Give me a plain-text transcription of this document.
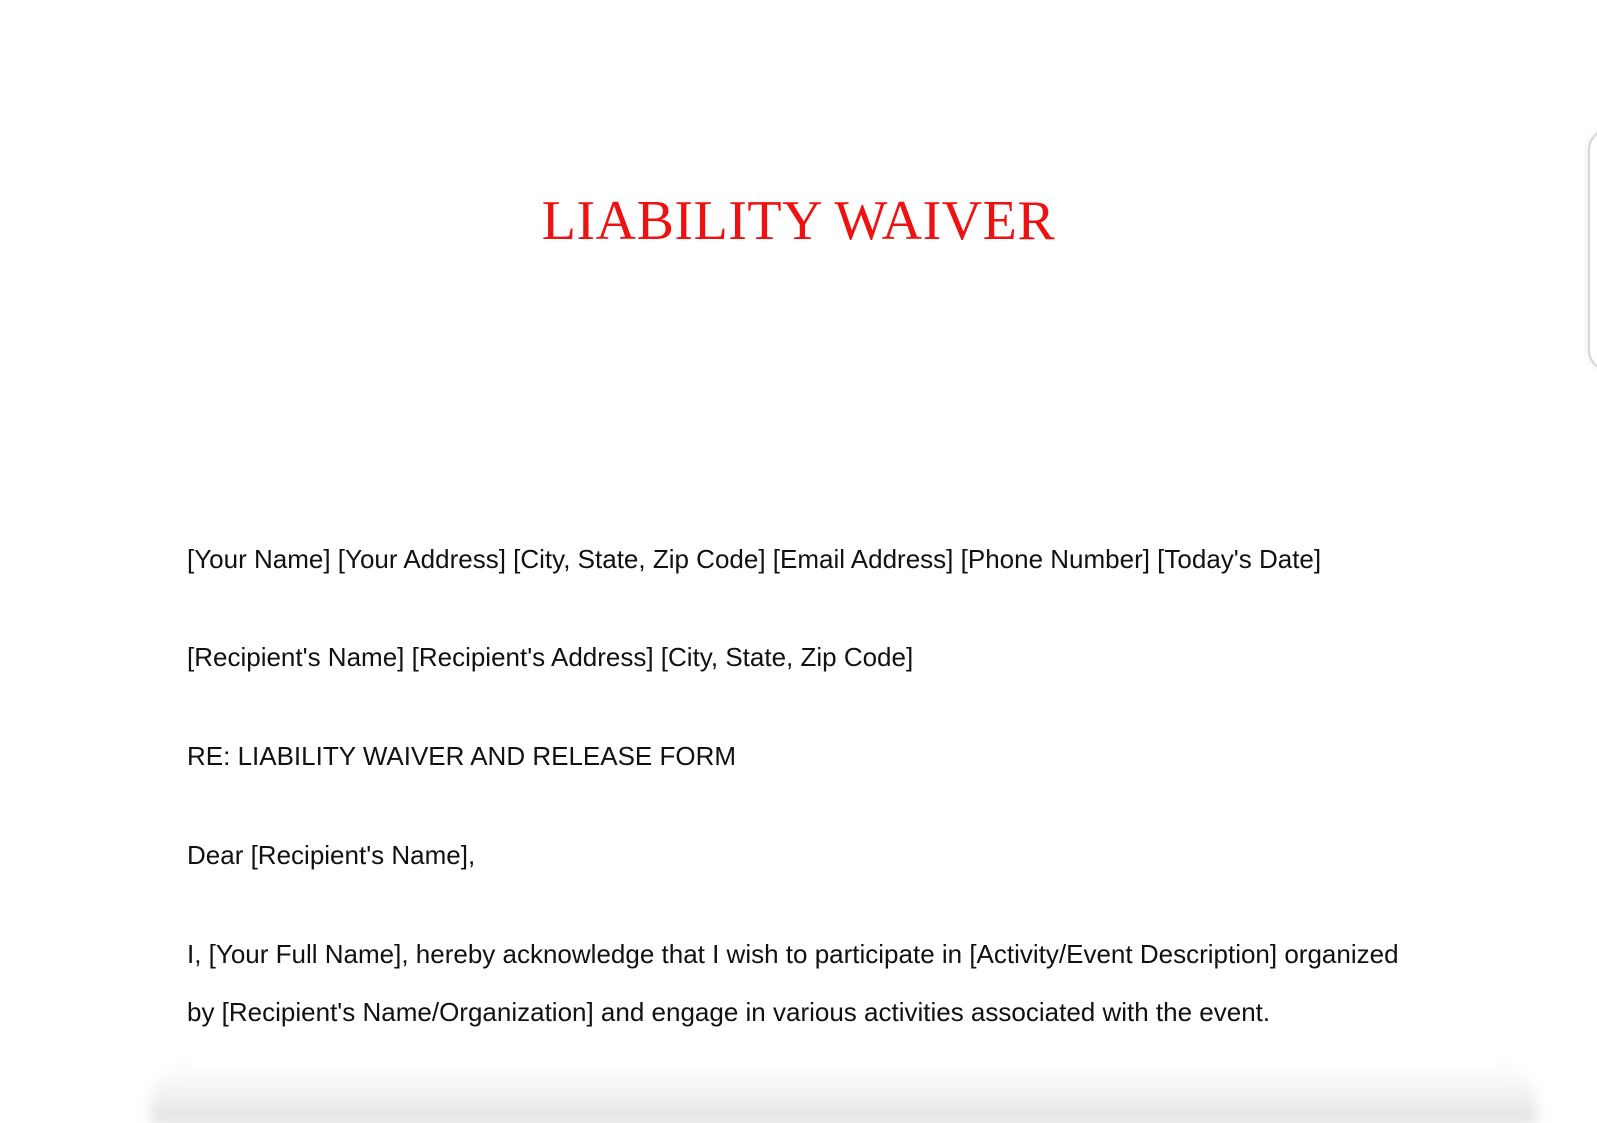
LIABILITY WAIVER

[Your Name] [Your Address] [City, State, Zip Code] [Email Address] [Phone Number] [Today's Date]

[Recipient's Name] [Recipient's Address] [City, State, Zip Code]

RE: LIABILITY WAIVER AND RELEASE FORM

Dear [Recipient's Name],

I, [Your Full Name], hereby acknowledge that I wish to participate in [Activity/Event Description] organized by [Recipient's Name/Organization] and engage in various activities associated with the event.
